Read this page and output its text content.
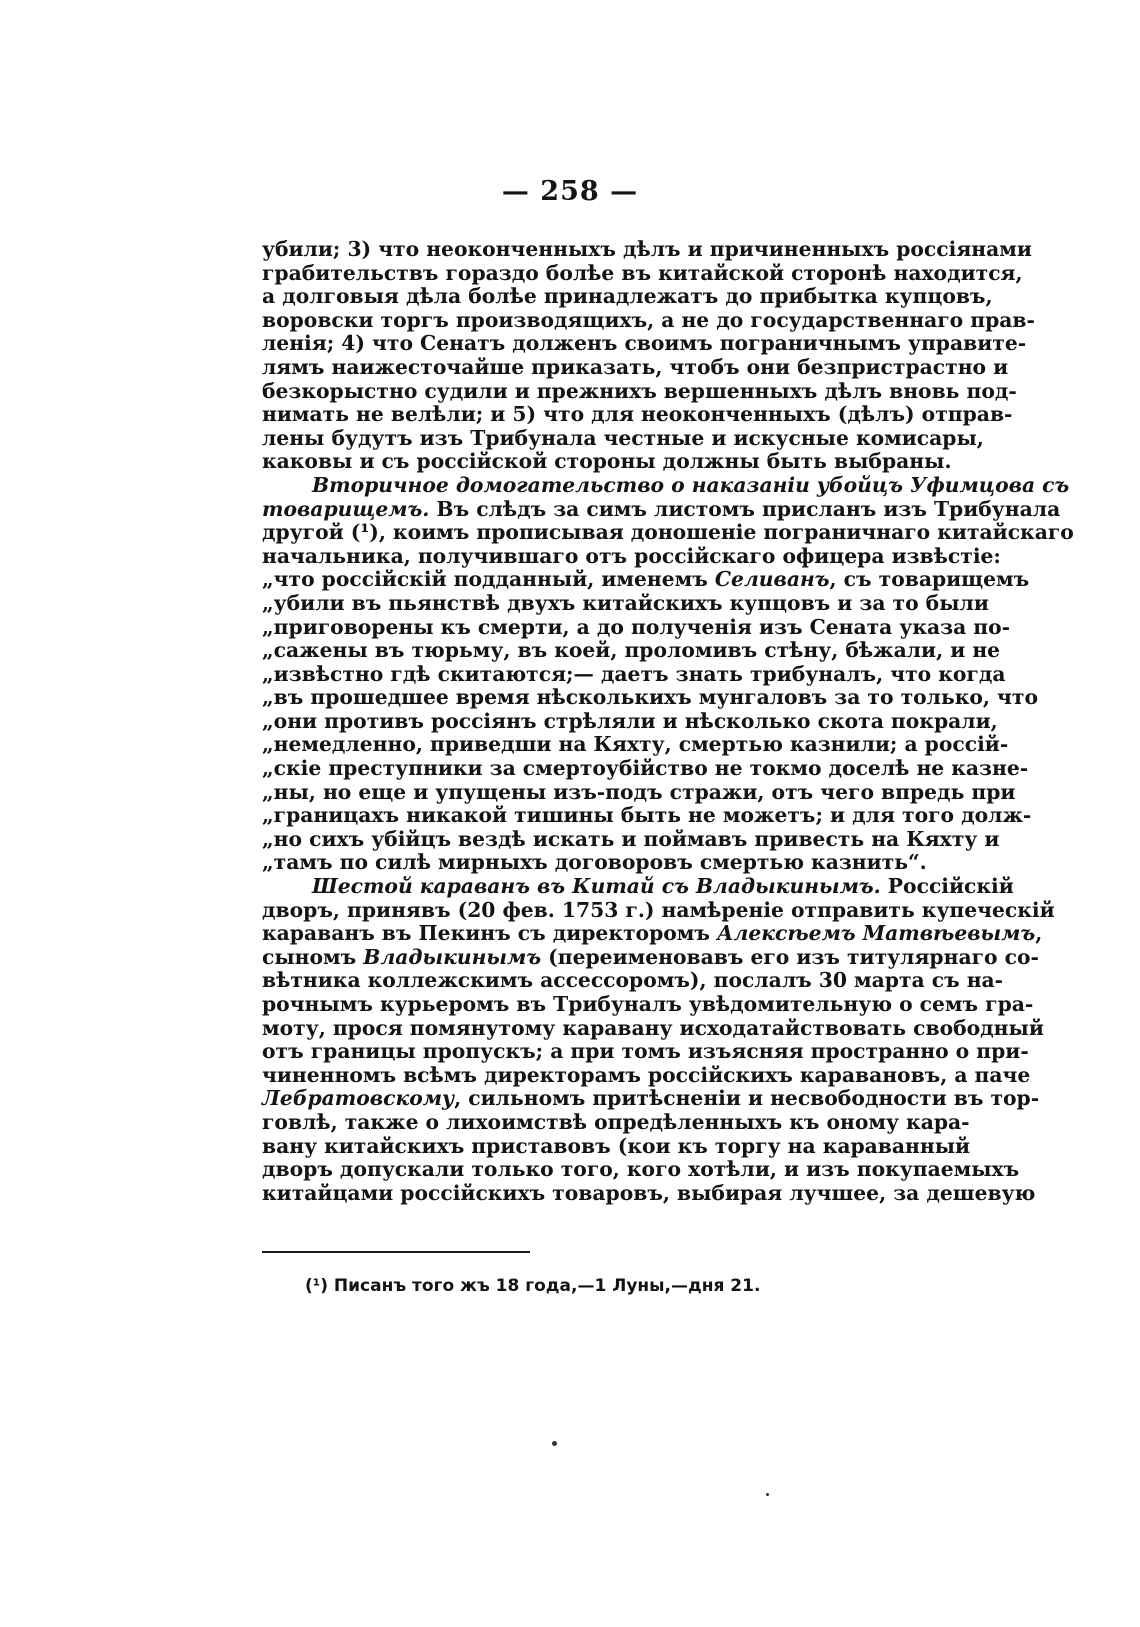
— 258 —
убили; 3) что неоконченныхъ дѣлъ и причиненныхъ россіянами
грабительствъ гораздо болѣе въ китайской сторонѣ находится,
а долговыя дѣла болѣе принадлежатъ до прибытка купцовъ,
воровски торгъ производящихъ, а не до государственнаго прав-
ленія; 4) что Сенатъ долженъ своимъ пограничнымъ управите-
лямъ наижесточайше приказать, чтобъ они безпристрастно и
безкорыстно судили и прежнихъ вершенныхъ дѣлъ вновь под-
нимать не велѣли; и 5) что для неоконченныхъ (дѣлъ) отправ-
лены будутъ изъ Трибунала честные и искусные комисары,
каковы и съ россійской стороны должны быть выбраны.
Вторичное домогательство о наказаніи убойцъ Уфимцова съ
товарищемъ. Въ слѣдъ за симъ листомъ присланъ изъ Трибунала
другой (¹), коимъ прописывая доношеніе пограничнаго китайскаго
начальника, получившаго отъ россійскаго офицера извѣстіе:
„что россійскій подданный, именемъ Селиванъ, съ товарищемъ
„убили въ пьянствѣ двухъ китайскихъ купцовъ и за то были
„приговорены къ смерти, а до полученія изъ Сената указа по-
„сажены въ тюрьму, въ коей, проломивъ стѣну, бѣжали, и не
„извѣстно гдѣ скитаются;— даетъ знать трибуналъ, что когда
„въ прошедшее время нѣсколькихъ мунгаловъ за то только, что
„они противъ россіянъ стрѣляли и нѣсколько скота покрали,
„немедленно, приведши на Кяхту, смертью казнили; а россій-
„скіе преступники за смертоубійство не токмо доселѣ не казне-
„ны, но еще и упущены изъ-подъ стражи, отъ чего впредь при
„границахъ никакой тишины быть не можетъ; и для того долж-
„но сихъ убійцъ вездѣ искать и поймавъ привесть на Кяхту и
„тамъ по силѣ мирныхъ договоровъ смертью казнить“.
Шестой караванъ въ Китай съ Владыкинымъ. Россійскій
дворъ, принявъ (20 фев. 1753 г.) намѣреніе отправить купеческій
караванъ въ Пекинъ съ директоромъ Алексѣемъ Матвѣевымъ,
сыномъ Владыкинымъ (переименовавъ его изъ титулярнаго со-
вѣтника коллежскимъ ассессоромъ), послалъ 30 марта съ на-
рочнымъ курьеромъ въ Трибуналъ увѣдомительную о семъ гра-
моту, прося помянутому каравану исходатайствовать свободный
отъ границы пропускъ; а при томъ изъясняя пространно о при-
чиненномъ всѣмъ директорамъ россійскихъ каравановъ, а паче
Лебратовскому, сильномъ притѣсненіи и несвободности въ тор-
говлѣ, также о лихоимствѣ опредѣленныхъ къ оному кара-
вану китайскихъ приставовъ (кои къ торгу на караванный
дворъ допускали только того, кого хотѣли, и изъ покупаемыхъ
китайцами россійскихъ товаровъ, выбирая лучшее, за дешевую
(¹) Писанъ того жъ 18 года,—1 Луны,—дня 21.
